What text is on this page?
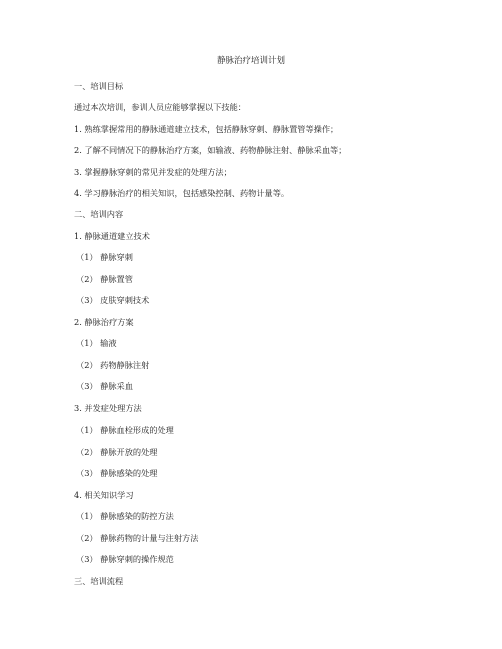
静脉治疗培训计划
一、培训目标
通过本次培训，参训人员应能够掌握以下技能：
1. 熟练掌握常用的静脉通道建立技术，包括静脉穿刺、静脉置管等操作；
2. 了解不同情况下的静脉治疗方案，如输液、药物静脉注射、静脉采血等；
3. 掌握静脉穿刺的常见并发症的处理方法；
4. 学习静脉治疗的相关知识，包括感染控制、药物计量等。
二、培训内容
1. 静脉通道建立技术
（1） 静脉穿刺
（2） 静脉置管
（3） 皮肤穿刺技术
2. 静脉治疗方案
（1） 输液
（2） 药物静脉注射
（3） 静脉采血
3. 并发症处理方法
（1） 静脉血栓形成的处理
（2） 静脉开放的处理
（3） 静脉感染的处理
4. 相关知识学习
（1） 静脉感染的防控方法
（2） 静脉药物的计量与注射方法
（3） 静脉穿刺的操作规范
三、培训流程
